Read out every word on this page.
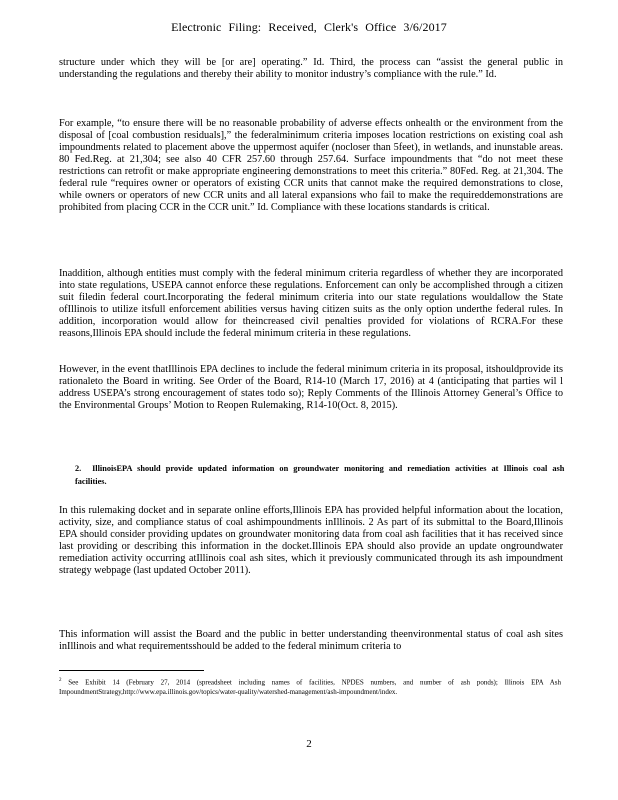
Electronic Filing: Received, Clerk's Office 3/6/2017

structure under which they will be [or are] operating.” Id. Third, the process can “assist the general public in understanding the regulations and thereby their ability to monitor industry’s compliance with the rule.” Id.

For example, “to ensure there will be no reasonable probability of adverse effects onhealth or the environment from the disposal of [coal combustion residuals],” the federalminimum criteria imposes location restrictions on existing coal ash impoundments related to placement above the uppermost aquifer (nocloser than 5feet), in wetlands, and inunstable areas. 80 Fed.Reg. at 21,304; see also 40 CFR 257.60 through 257.64. Surface impoundments that “do not meet these restrictions can retrofit or make appropriate engineering demonstrations to meet this criteria.” 80Fed. Reg. at 21,304. The federal rule “requires owner or operators of existing CCR units that cannot make the required demonstrations to close, while owners or operators of new CCR units and all lateral expansions who fail to make the requireddemonstrations are prohibited from placing CCR in the CCR unit.” Id. Compliance with these locations standards is critical.

Inaddition, although entities must comply with the federal minimum criteria regardless of whether they are incorporated into state regulations, USEPA cannot enforce these regulations. Enforcement can only be accomplished through a citizen suit filedin federal court.Incorporating the federal minimum criteria into our state regulations wouldallow the State ofIllinois to utilize itsfull enforcement abilities versus having citizen suits as the only option underthe federal rules. In addition, incorporation would allow for theincreased civil penalties provided for violations of RCRA.For these reasons,Illinois EPA should include the federal minimum criteria in these regulations.

However, in the event thatIllinois EPA declines to include the federal minimum criteria in its proposal, itshouldprovide its rationaleto the Board in writing. See Order of the Board, R14-10 (March 17, 2016) at 4 (anticipating that parties wil l address USEPA’s strong encouragement of states todo so); Reply Comments of the Illinois Attorney General’s Office to the Environmental Groups’ Motion to Reopen Rulemaking, R14-10(Oct. 8, 2015).

2. IllinoisEPA should provide updated information on groundwater monitoring and remediation activities at Illinois coal ash facilities.

In this rulemaking docket and in separate online efforts,Illinois EPA has provided helpful information about the location, activity, size, and compliance status of coal ashimpoundments inIllinois. 2 As part of its submittal to the Board,Illinois EPA should consider providing updates on groundwater monitoring data from coal ash facilities that it has received since last providing or describing this information in the docket.Illinois EPA should also provide an update ongroundwater remediation activity occurring atIllinois coal ash sites, which it previously communicated through its ash impoundment strategy webpage (last updated October 2011).

This information will assist the Board and the public in better understanding theenvironmental status of coal ash sites inIllinois and what requirementsshould be added to the federal minimum criteria to

$^2$ See Exhibit 14 (February 27, 2014 (spreadsheet including names of facilities, NPDES numbers, and number of ash ponds); Illinois EPA Ash ImpoundmentStrategy,http://www.epa.illinois.gov/topics/water-quality/watershed-management/ash-impoundment/index.
2
